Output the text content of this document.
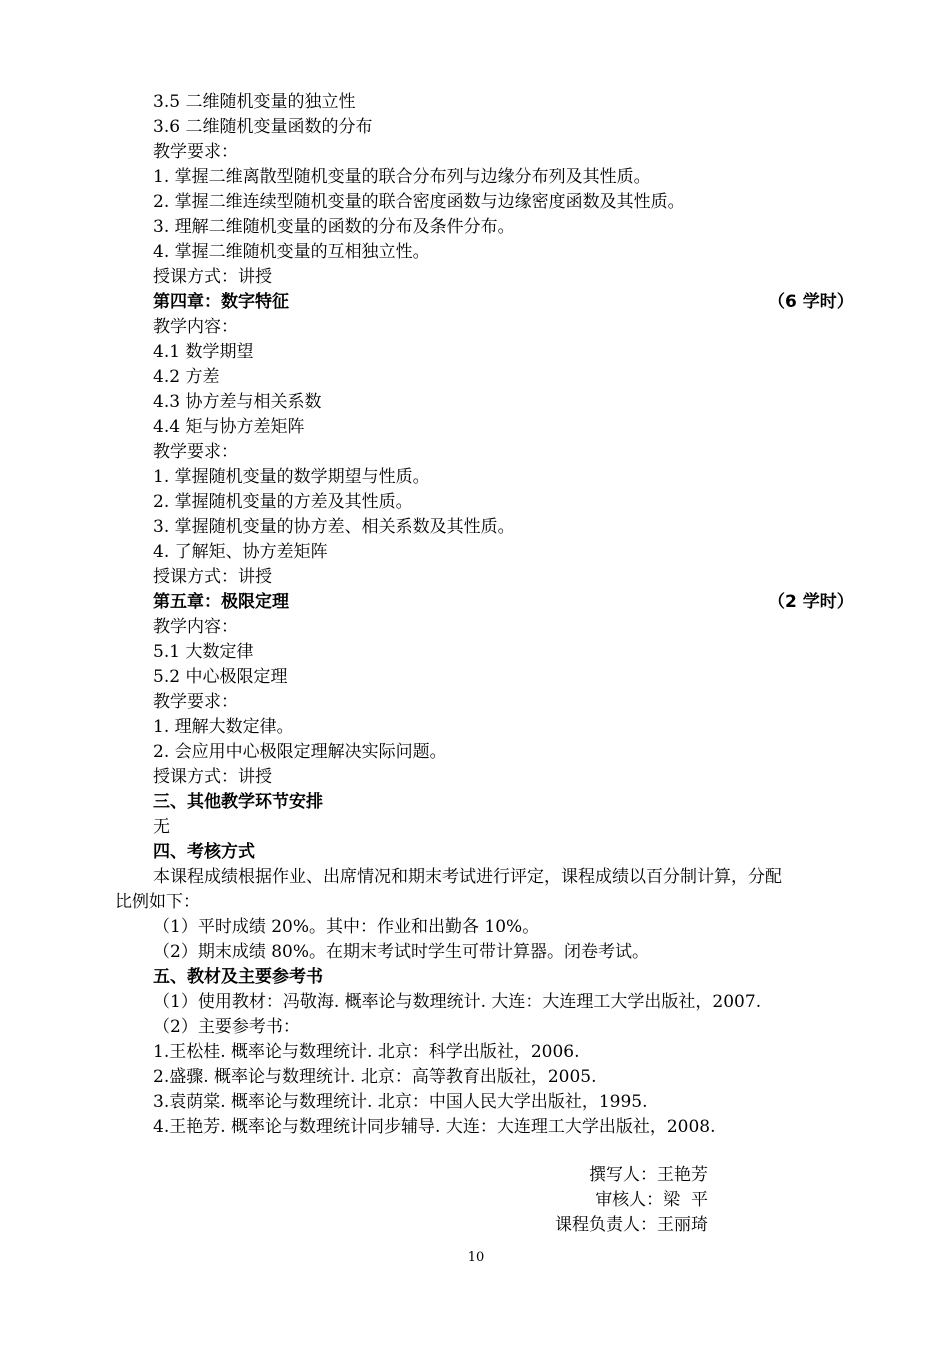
3.5 二维随机变量的独立性
3.6 二维随机变量函数的分布
教学要求：
1. 掌握二维离散型随机变量的联合分布列与边缘分布列及其性质。
2. 掌握二维连续型随机变量的联合密度函数与边缘密度函数及其性质。
3. 理解二维随机变量的函数的分布及条件分布。
4. 掌握二维随机变量的互相独立性。
授课方式：讲授
第四章：数字特征	（6 学时）
教学内容：
4.1 数学期望
4.2 方差
4.3 协方差与相关系数
4.4 矩与协方差矩阵
教学要求：
1. 掌握随机变量的数学期望与性质。
2. 掌握随机变量的方差及其性质。
3. 掌握随机变量的协方差、相关系数及其性质。
4. 了解矩、协方差矩阵
授课方式：讲授
第五章：极限定理	（2 学时）
教学内容：
5.1 大数定律
5.2 中心极限定理
教学要求：
1. 理解大数定律。
2. 会应用中心极限定理解决实际问题。
授课方式：讲授
三、其他教学环节安排
无
四、考核方式
本课程成绩根据作业、出席情况和期末考试进行评定，课程成绩以百分制计算，分配
比例如下：
（1）平时成绩 20%。其中：作业和出勤各 10%。
（2）期末成绩 80%。在期末考试时学生可带计算器。闭卷考试。
五、教材及主要参考书
（1）使用教材：冯敬海. 概率论与数理统计. 大连：大连理工大学出版社，2007.
（2）主要参考书：
1.王松桂. 概率论与数理统计. 北京：科学出版社，2006.
2.盛骤. 概率论与数理统计. 北京：高等教育出版社，2005.
3.袁荫棠. 概率论与数理统计. 北京：中国人民大学出版社，1995.
4.王艳芳. 概率论与数理统计同步辅导. 大连：大连理工大学出版社，2008.
撰写人：王艳芳
审核人：梁  平
课程负责人：王丽琦
10
